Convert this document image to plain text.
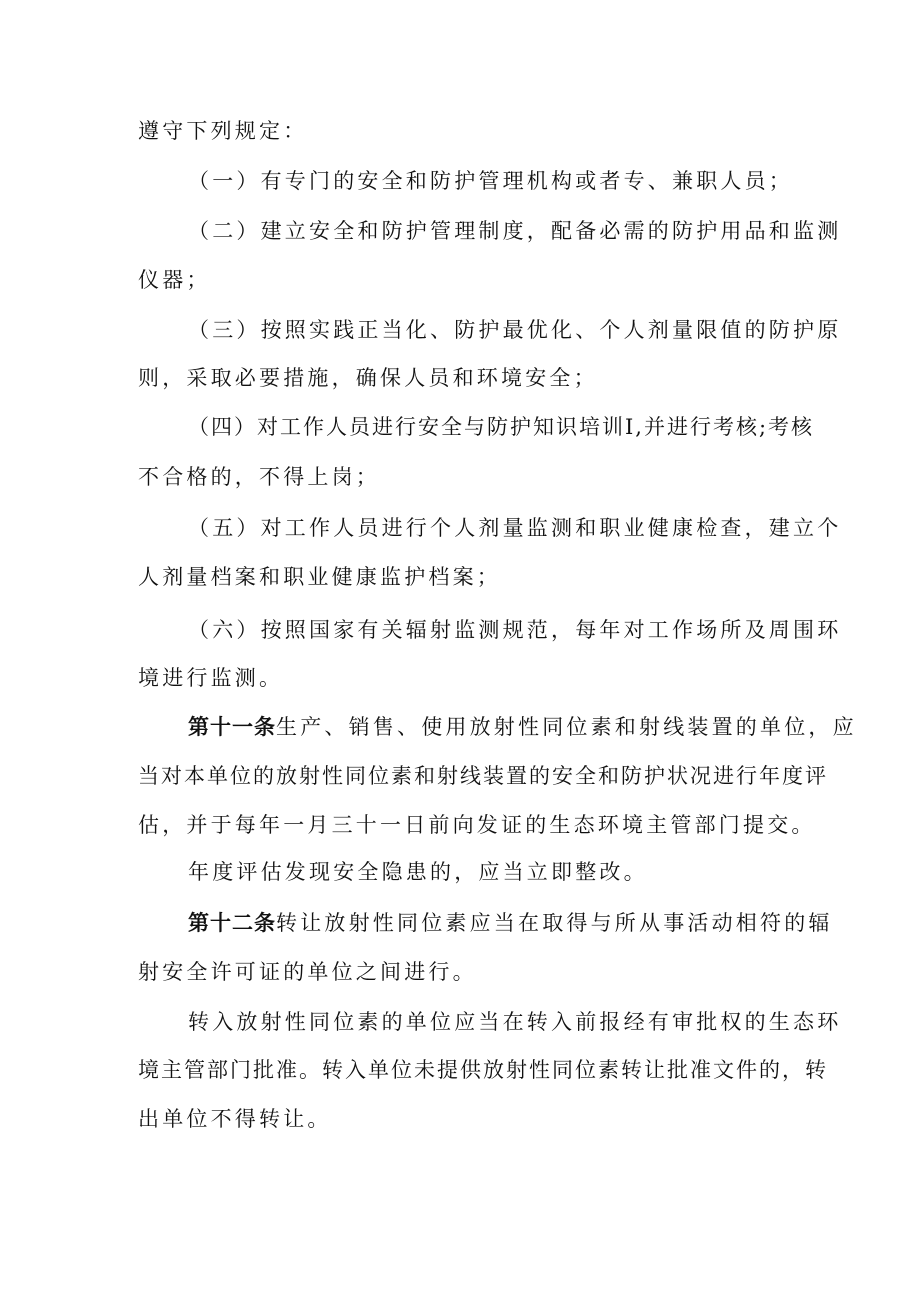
遵守下列规定：
（一）有专门的安全和防护管理机构或者专、兼职人员；
（二）建立安全和防护管理制度，配备必需的防护用品和监测
仪器；
（三）按照实践正当化、防护最优化、个人剂量限值的防护原
则，采取必要措施，确保人员和环境安全；
（四）对工作人员进行安全与防护知识培训I,并进行考核;考核
不合格的，不得上岗；
（五）对工作人员进行个人剂量监测和职业健康检查，建立个
人剂量档案和职业健康监护档案；
（六）按照国家有关辐射监测规范，每年对工作场所及周围环
境进行监测。
第十一条生产、销售、使用放射性同位素和射线装置的单位，应
当对本单位的放射性同位素和射线装置的安全和防护状况进行年度评
估，并于每年一月三十一日前向发证的生态环境主管部门提交。
年度评估发现安全隐患的，应当立即整改。
第十二条转让放射性同位素应当在取得与所从事活动相符的辐
射安全许可证的单位之间进行。
转入放射性同位素的单位应当在转入前报经有审批权的生态环
境主管部门批准。转入单位未提供放射性同位素转让批准文件的，转
出单位不得转让。
